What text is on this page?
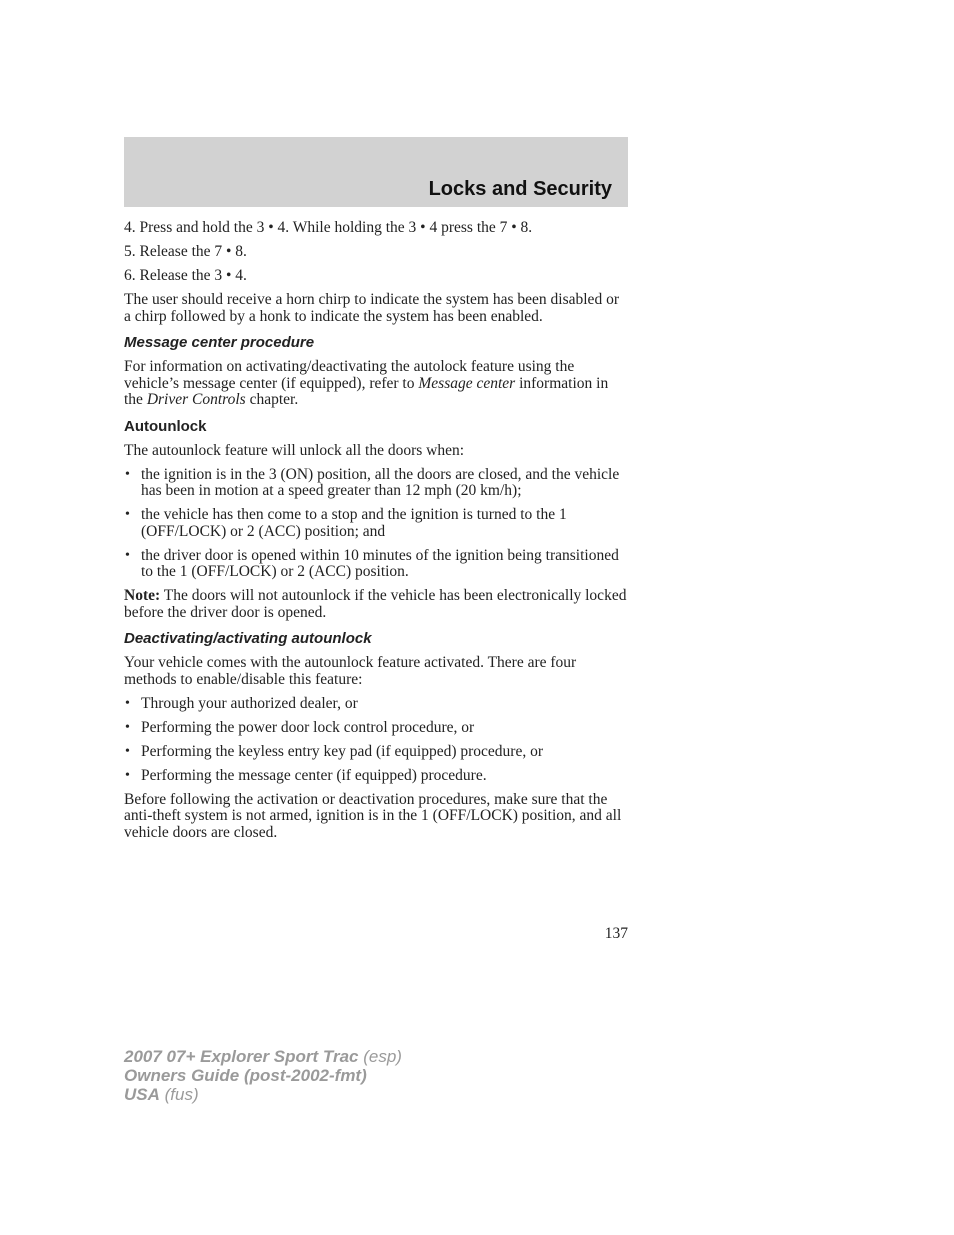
Locks and Security
4. Press and hold the 3 • 4. While holding the 3 • 4 press the 7 • 8.
5. Release the 7 • 8.
6. Release the 3 • 4.

The user should receive a horn chirp to indicate the system has been disabled or a chirp followed by a honk to indicate the system has been enabled.

Message center procedure

For information on activating/deactivating the autolock feature using the vehicle’s message center (if equipped), refer to Message center information in the Driver Controls chapter.

Autounlock

The autounlock feature will unlock all the doors when:

• the ignition is in the 3 (ON) position, all the doors are closed, and the vehicle has been in motion at a speed greater than 12 mph (20 km/h);
• the vehicle has then come to a stop and the ignition is turned to the 1 (OFF/LOCK) or 2 (ACC) position; and
• the driver door is opened within 10 minutes of the ignition being transitioned to the 1 (OFF/LOCK) or 2 (ACC) position.

Note: The doors will not autounlock if the vehicle has been electronically locked before the driver door is opened.

Deactivating/activating autounlock

Your vehicle comes with the autounlock feature activated. There are four methods to enable/disable this feature:

• Through your authorized dealer, or
• Performing the power door lock control procedure, or
• Performing the keyless entry key pad (if equipped) procedure, or
• Performing the message center (if equipped) procedure.

Before following the activation or deactivation procedures, make sure that the anti-theft system is not armed, ignition is in the 1 (OFF/LOCK) position, and all vehicle doors are closed.

137
2007 07+ Explorer Sport Trac (esp)
Owners Guide (post-2002-fmt)
USA (fus)
